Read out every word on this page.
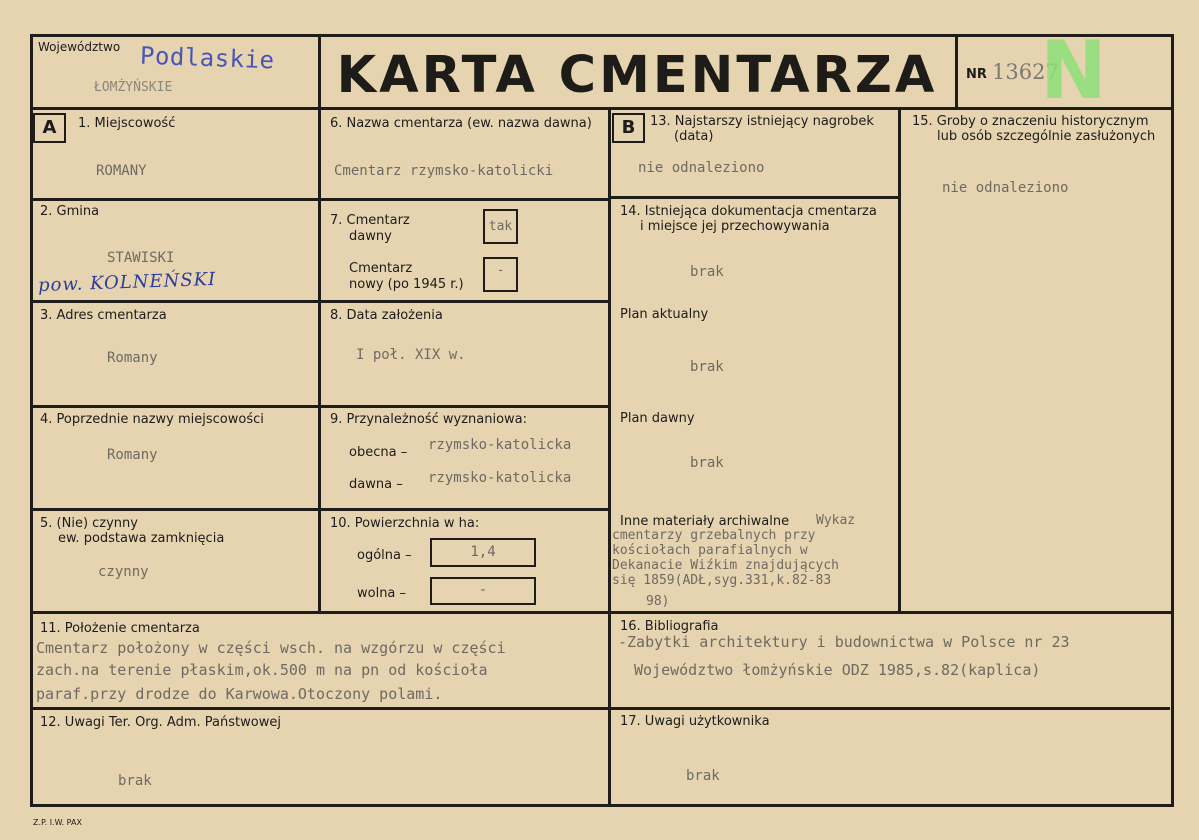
Województwo Podlaskie
ŁOMŻYŃSKIE	KARTA CMENTARZA	NR 13627
N
A	1. Miejscowość
ROMANY
2. Gmina
STAWISKI
pow. KOLNEŃSKI
3. Adres cmentarza
Romany
4. Poprzednie nazwy miejscowości
Romany
5. (Nie) czynny
ew. podstawa zamknięcia
czynny
6. Nazwa cmentarza (ew. nazwa dawna)
Cmentarz rzymsko-katolicki
7. Cmentarz
dawny
tak
Cmentarz
nowy (po 1945 r.)
-
8. Data założenia
I poł. XIX w.
9. Przynależność wyznaniowa:
obecna – rzymsko-katolicka
dawna – rzymsko-katolicka
10. Powierzchnia w ha:
ogólna –	1,4
wolna –	-
B	13. Najstarszy istniejący nagrobek
(data)
nie odnaleziono
14. Istniejąca dokumentacja cmentarza
i miejsce jej przechowywania
brak
Plan aktualny
brak
Plan dawny
brak
Inne materiały archiwalne Wykaz
cmentarzy grzebalnych przy
kościołach parafialnych w
Dekanacie Wiźkim znajdujących
się 1859(ADŁ,syg.331,k.82-83
98)
15. Groby o znaczeniu historycznym
lub osób szczególnie zasłużonych
nie odnaleziono
11. Położenie cmentarza
Cmentarz położony w części wsch. na wzgórzu w części
zach.na terenie płaskim,ok.500 m na pn od kościoła
paraf.przy drodze do Karwowa.Otoczony polami.
16. Bibliografia
-Zabytki architektury i budownictwa w Polsce nr 23
Województwo łomżyńskie ODZ 1985,s.82(kaplica)
12. Uwagi Ter. Org. Adm. Państwowej
brak
17. Uwagi użytkownika
brak
Z.P. I.W. PAX
